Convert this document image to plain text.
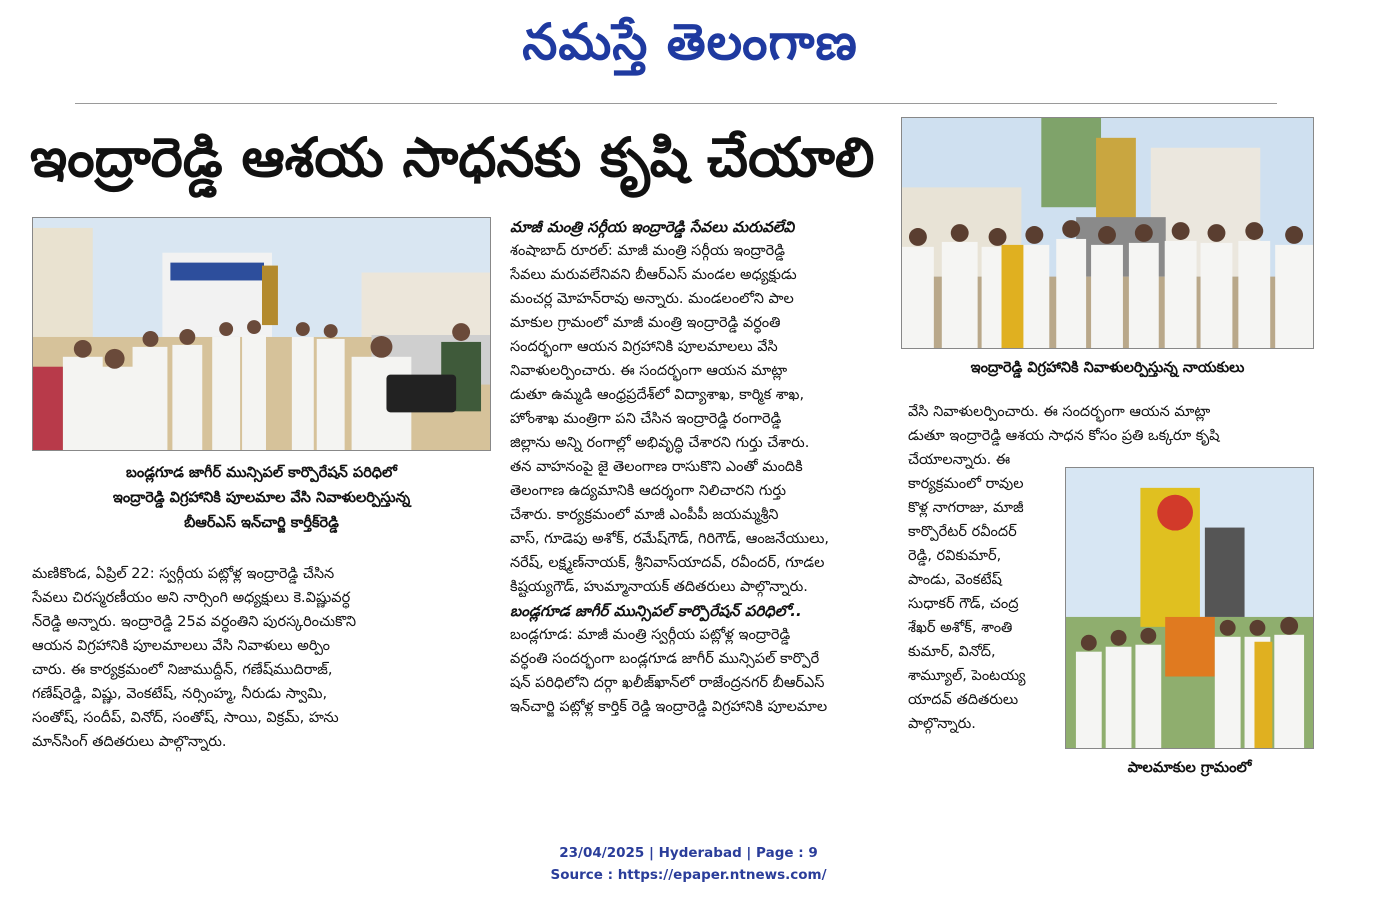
నమస్తే తెలంగాణ
ఇంద్రారెడ్డి ఆశయ సాధనకు కృషి చేయాలి
బండ్లగూడ జాగీర్ మున్సిపల్ కార్పొరేషన్ పరిధిలో
ఇంద్రారెడ్డి విగ్రహానికి పూలమాల వేసి నివాళులర్పిస్తున్న
బీఆర్‌ఎస్ ఇన్‌చార్జి కార్తీక్‌రెడ్డి

మణికొండ, ఏప్రిల్ 22: స్వర్గీయ పట్లోళ్ల ఇంద్రారెడ్డి చేసిన

సేవలు చిరస్మరణీయం అని నార్సింగి అధ్యక్షులు కె.విష్ణువర్ధ

న్‌రెడ్డి అన్నారు. ఇంద్రారెడ్డి 25వ వర్ధంతిని పురస్కరించుకొని

ఆయన విగ్రహానికి పూలమాలలు వేసి నివాళులు అర్పిం

చారు. ఈ కార్యక్రమంలో నిజాముద్దీన్, గణేష్‌ముదిరాజ్,

గణేష్‌రెడ్డి, విష్ణు, వెంకటేష్, నర్సింహ్మ, నీరుడు స్వామి,

సంతోష్, సందీప్, వినోద్, సంతోష్, సాయి, విక్రమ్, హను

మాన్‌సింగ్ తదితరులు పాల్గొన్నారు.

మాజీ మంత్రి సర్గీయ ఇంద్రారెడ్డి సేవలు మరువలేవి

శంషాబాద్ రూరల్: మాజీ మంత్రి సర్గీయ ఇంద్రారెడ్డి

సేవలు మరువలేనివని బీఆర్‌ఎస్ మండల అధ్యక్షుడు

మంచర్ల మోహన్‌రావు అన్నారు. మండలంలోని పాల

మాకుల గ్రామంలో మాజీ మంత్రి ఇంద్రారెడ్డి వర్ధంతి

సందర్భంగా ఆయన విగ్రహానికి పూలమాలలు వేసి

నివాళులర్పించారు. ఈ సందర్భంగా ఆయన మాట్లా

డుతూ ఉమ్మడి ఆంధ్రప్రదేశ్‌లో విద్యాశాఖ, కార్మిక శాఖ,

హోంశాఖ మంత్రిగా పని చేసిన ఇంద్రారెడ్డి రంగారెడ్డి

జిల్లాను అన్ని రంగాల్లో అభివృద్ధి చేశారని గుర్తు చేశారు.

తన వాహనంపై జై తెలంగాణ రాసుకొని ఎంతో మందికి

తెలంగాణ ఉద్యమానికి ఆదర్శంగా నిలిచారని గుర్తు

చేశారు. కార్యక్రమంలో మాజీ ఎంపీపీ జయమ్మశ్రీని

వాస్, గూడెపు అశోక్, రమేష్‌గౌడ్, గిరిగౌడ్, ఆంజనేయులు,

నరేష్, లక్ష్మణ్‌నాయక్, శ్రీనివాస్‌యాదవ్, రవీందర్, గూడల

కిష్టయ్యగౌడ్, హుమ్మానాయక్ తదితరులు పాల్గొన్నారు.

బండ్లగూడ జాగీర్ మున్సిపల్ కార్పొరేషన్ పరిధిలో..

బండ్లగూడ: మాజీ మంత్రి స్వర్గీయ పట్లోళ్ల ఇంద్రారెడ్డి

వర్ధంతి సందర్భంగా బండ్లగూడ జాగీర్ మున్సిపల్ కార్పొరే

షన్ పరిధిలోని దర్గా ఖలీజ్‌ఖాన్‌లో రాజేంద్రనగర్ బీఆర్‌ఎస్

ఇన్‌చార్జి పట్లోళ్ల కార్తిక్ రెడ్డి ఇంద్రారెడ్డి విగ్రహానికి పూలమాల

ఇంద్రారెడ్డి విగ్రహానికి నివాళులర్పిస్తున్న నాయకులు

వేసి నివాళులర్పించారు. ఈ సందర్భంగా ఆయన మాట్లా

డుతూ ఇంద్రారెడ్డి ఆశయ సాధన కోసం ప్రతి ఒక్కరూ కృషి

చేయాలన్నారు. ఈ

కార్యక్రమంలో రావుల

కొళ్ల నాగరాజు, మాజీ

కార్పొరేటర్ రవీందర్

రెడ్డి, రవికుమార్,

పాండు, వెంకటేష్

సుధాకర్ గౌడ్, చంద్ర

శేఖర్ అశోక్, శాంతి

కుమార్, వినోద్,

శామ్యూల్, పెంటయ్య

యాదవ్ తదితరులు

పాల్గొన్నారు.

పాలమాకుల గ్రామంలో
23/04/2025 | Hyderabad | Page : 9
Source : https://epaper.ntnews.com/
